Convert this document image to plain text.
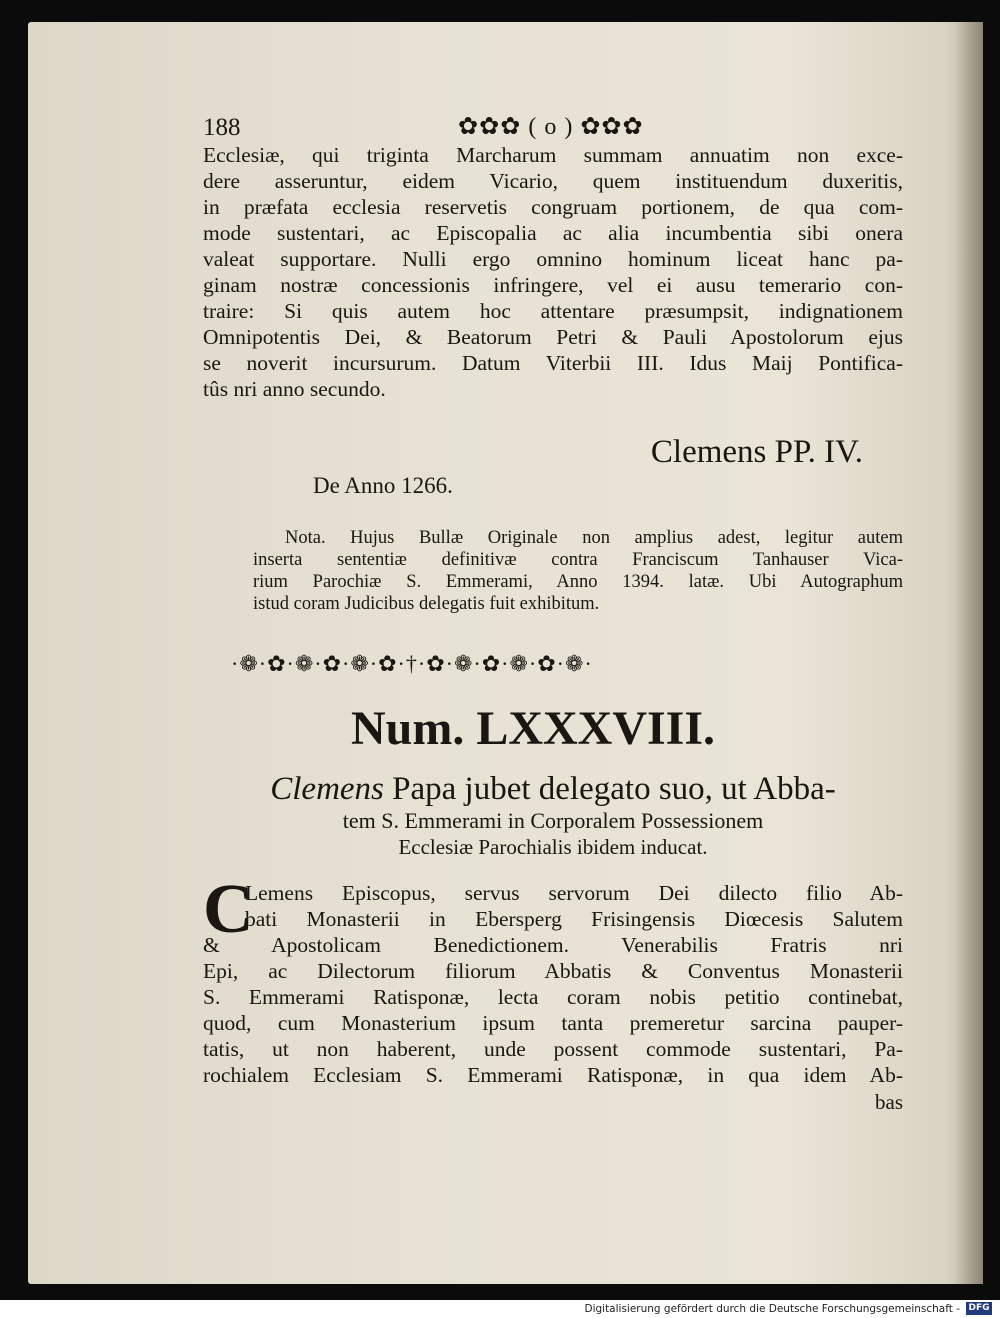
188	✿✿✿ ( o ) ✿✿✿
Ecclesiæ, qui triginta Marcharum summam annuatim non exce-
dere asseruntur, eidem Vicario, quem instituendum duxeritis,
in præfata ecclesia reservetis congruam portionem, de qua com-
mode sustentari, ac Episcopalia ac alia incumbentia sibi onera
valeat supportare. Nulli ergo omnino hominum liceat hanc pa-
ginam nostræ concessionis infringere, vel ei ausu temerario con-
traire: Si quis autem hoc attentare præsumpsit, indignationem
Omnipotentis Dei, & Beatorum Petri & Pauli Apostolorum ejus
se noverit incursurum. Datum Viterbii III. Idus Maij Pontifica-
tûs nri anno secundo.
Clemens PP. IV.
De Anno 1266.
Nota. Hujus Bullæ Originale non amplius adest, legitur autem
inserta sententiæ definitivæ contra Franciscum Tanhauser Vica-
rium Parochiæ S. Emmerami, Anno 1394. latæ. Ubi Autographum
istud coram Judicibus delegatis fuit exhibitum.
·❁·✿·❁·✿·❁·✿·†·✿·❁·✿·❁·✿·❁·
Num. LXXXVIII.
Clemens Papa jubet delegato suo, ut Abba-
tem S. Emmerami in Corporalem Possessionem
Ecclesiæ Parochialis ibidem inducat.
C
Lemens Episcopus, servus servorum Dei dilecto filio Ab-
bati Monasterii in Ebersperg Frisingensis Diœcesis Salutem
& Apostolicam Benedictionem. Venerabilis Fratris nri
Epi, ac Dilectorum filiorum Abbatis & Conventus Monasterii
S. Emmerami Ratisponæ, lecta coram nobis petitio continebat,
quod, cum Monasterium ipsum tanta premeretur sarcina pauper-
tatis, ut non haberent, unde possent commode sustentari, Pa-
rochialem Ecclesiam S. Emmerami Ratisponæ, in qua idem Ab-
bas
Digitalisierung gefördert durch die Deutsche Forschungsgemeinschaft - DFG
